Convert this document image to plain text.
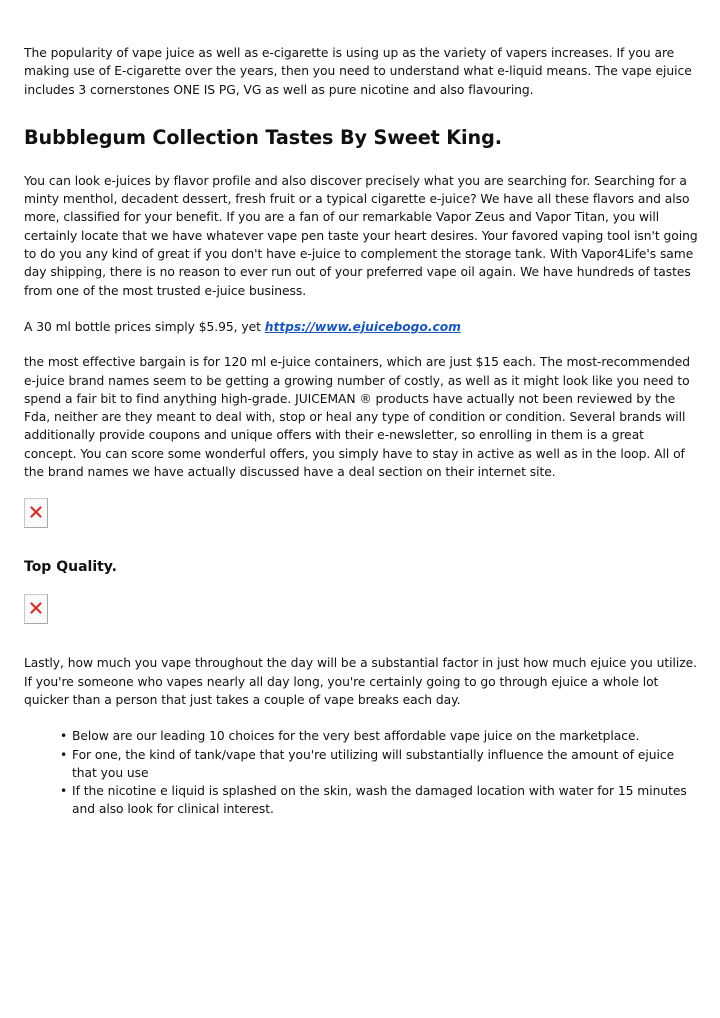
The popularity of vape juice as well as e-cigarette is using up as the variety of vapers increases. If you are making use of E-cigarette over the years, then you need to understand what e-liquid means. The vape ejuice includes 3 cornerstones ONE IS PG, VG as well as pure nicotine and also flavouring.

Bubblegum Collection Tastes By Sweet King.

You can look e-juices by flavor profile and also discover precisely what you are searching for. Searching for a minty menthol, decadent dessert, fresh fruit or a typical cigarette e-juice? We have all these flavors and also more, classified for your benefit. If you are a fan of our remarkable Vapor Zeus and Vapor Titan, you will certainly locate that we have whatever vape pen taste your heart desires. Your favored vaping tool isn't going to do you any kind of great if you don't have e-juice to complement the storage tank. With Vapor4Life's same day shipping, there is no reason to ever run out of your preferred vape oil again. We have hundreds of tastes from one of the most trusted e-juice business.

A 30 ml bottle prices simply $5.95, yet https://www.ejuicebogo.com

the most effective bargain is for 120 ml e-juice containers, which are just $15 each. The most-recommended e-juice brand names seem to be getting a growing number of costly, as well as it might look like you need to spend a fair bit to find anything high-grade. JUICEMAN ® products have actually not been reviewed by the Fda, neither are they meant to deal with, stop or heal any type of condition or condition. Several brands will additionally provide coupons and unique offers with their e-newsletter, so enrolling in them is a great concept. You can score some wonderful offers, you simply have to stay in active as well as in the loop. All of the brand names we have actually discussed have a deal section on their internet site.

Top Quality.

Lastly, how much you vape throughout the day will be a substantial factor in just how much ejuice you utilize. If you're someone who vapes nearly all day long, you're certainly going to go through ejuice a whole lot quicker than a person that just takes a couple of vape breaks each day.

• Below are our leading 10 choices for the very best affordable vape juice on the marketplace.
• For one, the kind of tank/vape that you're utilizing will substantially influence the amount of ejuice that you use
• If the nicotine e liquid is splashed on the skin, wash the damaged location with water for 15 minutes and also look for clinical interest.
